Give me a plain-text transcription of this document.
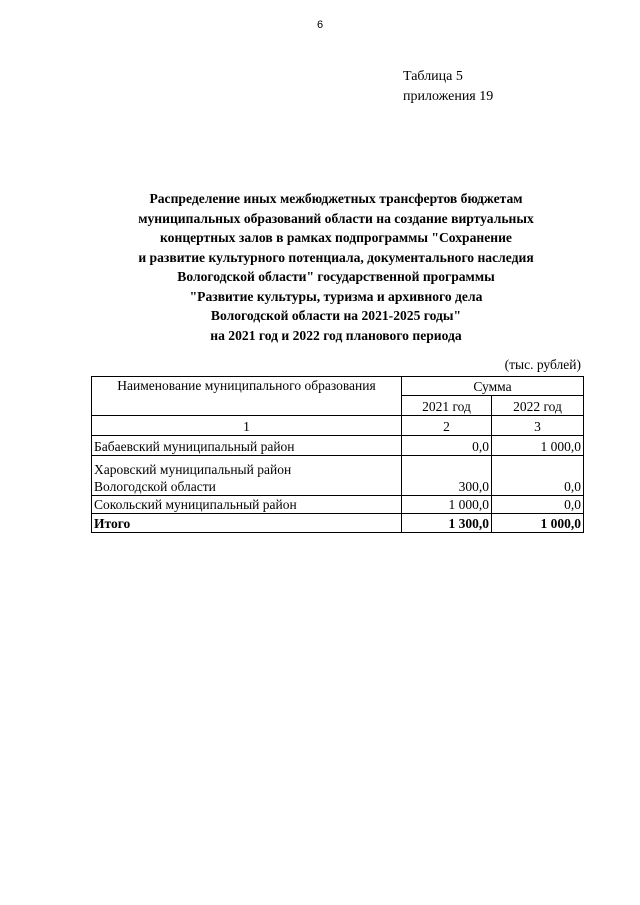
6
Таблица 5
приложения 19
Распределение иных межбюджетных трансфертов бюджетам
муниципальных образований области на создание виртуальных
концертных залов в рамках подпрограммы "Сохранение
и развитие культурного потенциала, документального наследия
Вологодской области" государственной программы
"Развитие культуры, туризма и архивного дела
Вологодской области на 2021-2025 годы"
на 2021 год и 2022 год планового периода
(тыс. рублей)
Наименование муниципального образования	Сумма	
	2021 год	2022 год
1	2	3

Бабаевский муниципальный район	0,0	1 000,0

Харовский муниципальный район
Вологодской области	300,0	0,0

Сокольский муниципальный район	1 000,0	0,0
Итого	1 300,0	1 000,0
